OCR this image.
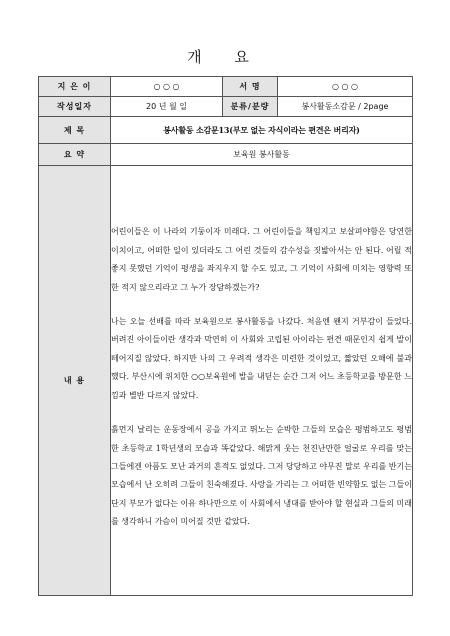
개 요
지 은 이	○ ○ ○	서 명	○ ○ ○
작성일자	20 년 월 일	분류/분량	봉사활동소감문 / 2page
제 목	봉사활동 소감문13(부모 없는 자식이라는 편견은 버리자)		
요 약	보육원 봉사활동		
내 용	어린이들은 이 나라의 기둥이자 미래다. 그 어린이들을 책임지고 보살펴야함은 당연한 이치이고, 어떠한 일이 있더라도 그 어린 것들의 감수성을 짓밟아서는 안 된다. 어릴 적 좋지 못했던 기억이 평생을 좌지우지 할 수도 있고, 그 기억이 사회에 미치는 영향력 또한 적지 않으리라고 그 누가 장담하겠는가?

나는 오늘 선배를 따라 보육원으로 봉사활동을 나갔다. 처음엔 왠지 거부감이 들었다. 버려진 아이들이란 생각과 막연히 이 사회와 고립된 아이라는 편견 때문인지 쉽게 발이 떼어지질 않았다. 하지만 나의 그 우려적 생각은 미련한 것이었고, 짧았던 오해에 불과했다. 부산시에 위치한 ○○보육원에 발을 내딛는 순간 그저 어느 초등학교를 방문한 느낌과 별반 다르지 않았다.

흙먼지 날리는 운동장에서 공을 가지고 뛰노는 순박한 그들의 모습은 평범하고도 평범한 초등학교 1학년생의 모습과 똑같았다. 해맑게 웃는 천진난만한 얼굴로 우리를 맞는 그들에겐 아픔도 모난 과거의 흔적도 없었다. 그저 당당하고 야무진 말로 우리를 반기는 모습에서 난 오히려 그들이 친숙해졌다. 사랑을 가리는 그 어떠한 빈약함도 없는 그들이 단지 부모가 없다는 이유 하나만으로 이 사회에서 냉대를 받아야 할 현실과 그들의 미래를 생각하니 가슴이 미어질 것만 같았다.		
